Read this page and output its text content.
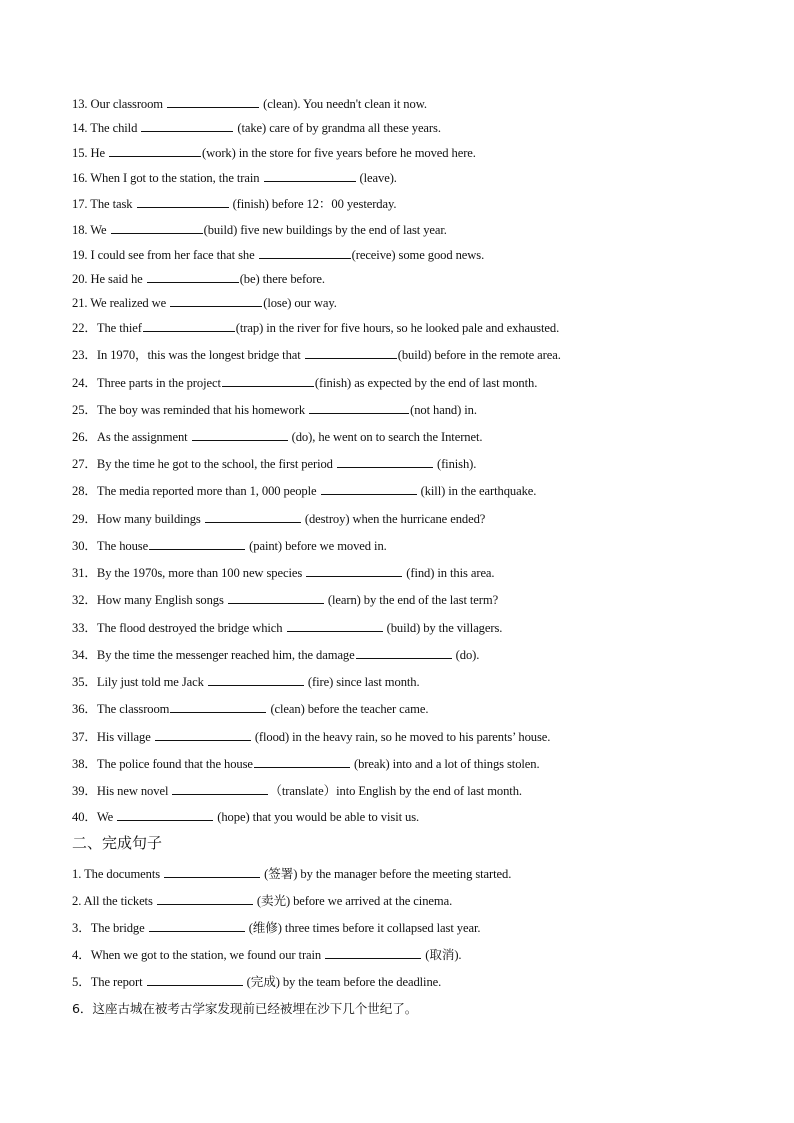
13. Our classroom	(clean). You needn't clean it now.
14. The child	(take) care of by grandma all these years.
15. He	(work) in the store for five years before he moved here.
16. When I got to the station, the train	(leave).
17. The task	(finish) before 12：00 yesterday.
18. We	(build) five new buildings by the end of last year.
19. I could see from her face that she	(receive) some good news.
20. He said he	(be) there before.
21. We realized we	(lose) our way.
22．The thief	(trap) in the river for five hours, so he looked pale and exhausted.
23．In 1970，this was the longest bridge that	(build) before in the remote area.
24．Three parts in the project	(finish) as expected by the end of last month.
25．The boy was reminded that his homework	(not hand) in.
26．As the assignment	(do), he went on to search the Internet.
27．By the time he got to the school, the first period	(finish).
28．The media reported more than 1, 000 people	(kill) in the earthquake.
29．How many buildings	(destroy) when the hurricane ended?
30．The house	(paint) before we moved in.
31．By the 1970s, more than 100 new species	(find) in this area.
32．How many English songs	(learn) by the end of the last term?
33．The flood destroyed the bridge which	(build) by the villagers.
34．By the time the messenger reached him, the damage	(do).
35．Lily just told me Jack	(fire) since last month.
36．The classroom	(clean) before the teacher came.
37．His village	(flood) in the heavy rain, so he moved to his parents’ house.
38．The police found that the house	(break) into and a lot of things stolen.
39．His new novel	（translate）into English by the end of last month.
40．We	(hope) that you would be able to visit us.
二、完成句子
1. The documents	(签署) by the manager before the meeting started.
2. All the tickets	(卖光) before we arrived at the cinema.
3．The bridge	(维修) three times before it collapsed last year.
4．When we got to the station, we found our train	(取消).
5．The report	(完成) by the team before the deadline.
6．这座古城在被考古学家发现前已经被埋在沙下几个世纪了。
